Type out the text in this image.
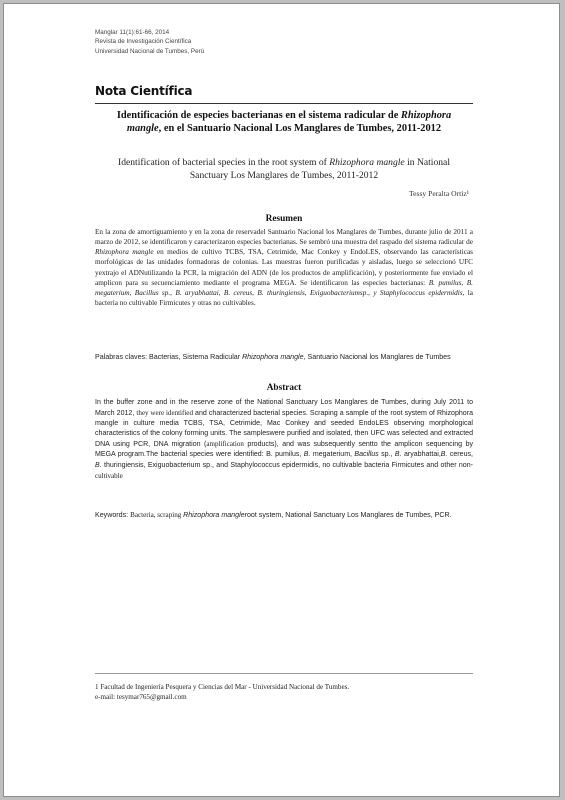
Manglar 11(1):61-66, 2014
Revista de Investigación Científica
Universidad Nacional de Tumbes, Perú
Nota Científica
Identificación de especies bacterianas en el sistema radicular de Rhizophora mangle, en el Santuario Nacional Los Manglares de Tumbes, 2011-2012
Identification of bacterial species in the root system of Rhizophora mangle in National Sanctuary Los Manglares de Tumbes, 2011-2012
Tessy Peralta Ortiz¹
Resumen
En la zona de amortiguamiento y en la zona de reservadel Santuario Nacional los Manglares de Tumbes, durante julio de 2011 a marzo de 2012, se identificaron y caracterizaron especies bacterianas. Se sembró una muestra del raspado del sistema radicular de Rhizophora mangle en medios de cultivo TCBS, TSA, Cetrimide, Mac Conkey y EndoLES, observando las características morfológicas de las unidades formadoras de colonias. Las muestras fueron purificadas y aisladas, luego se seleccionó UFC yextrajo el ADNutilizando la PCR, la migración del ADN (de los productos de amplificación), y posteriormente fue enviado el amplicon para su secuenciamiento mediante el programa MEGA. Se identificaron las especies bacterianas: B. pumilus, B. megaterium, Bacillus sp., B. aryabhattai, B. cereus, B. thuringiensis, Exiguobacteriumsp., y Staphylococcus epidermidis, la bacteria no cultivable Firmicutes y otras no cultivables.
Palabras claves: Bacterias, Sistema Radicular Rhizophora mangle, Santuario Nacional los Manglares de Tumbes
Abstract
In the buffer zone and in the reserve zone of the National Sanctuary Los Manglares de Tumbes, during July 2011 to March 2012, they were identified and characterized bacterial species. Scraping a sample of the root system of Rhizophora mangle in culture media TCBS, TSA, Cetrimide, Mac Conkey and seeded EndoLES observing morphological characteristics of the colony forming units. The sampleswere purified and isolated, then UFC was selected and extracted DNA using PCR, DNA migration (amplification products), and was subsequently sentto the amplicon sequencing by MEGA program.The bacterial species were identified: B. pumilus, B. megaterium, Bacillus sp., B. aryabhattai,B. cereus, B. thuringiensis, Exiguobacterium sp., and Staphylococcus epidermidis, no cultivable bacteria Firmicutes and other non-cultivable
Keywords: Bacteria, scraping Rhizophora mangleroot system, National Sanctuary Los Manglares de Tumbes, PCR.
1 Facultad de Ingeniería Pesquera y Ciencias del Mar - Universidad Nacional de Tumbes.
e-mail: tesymar765@gmail.com
